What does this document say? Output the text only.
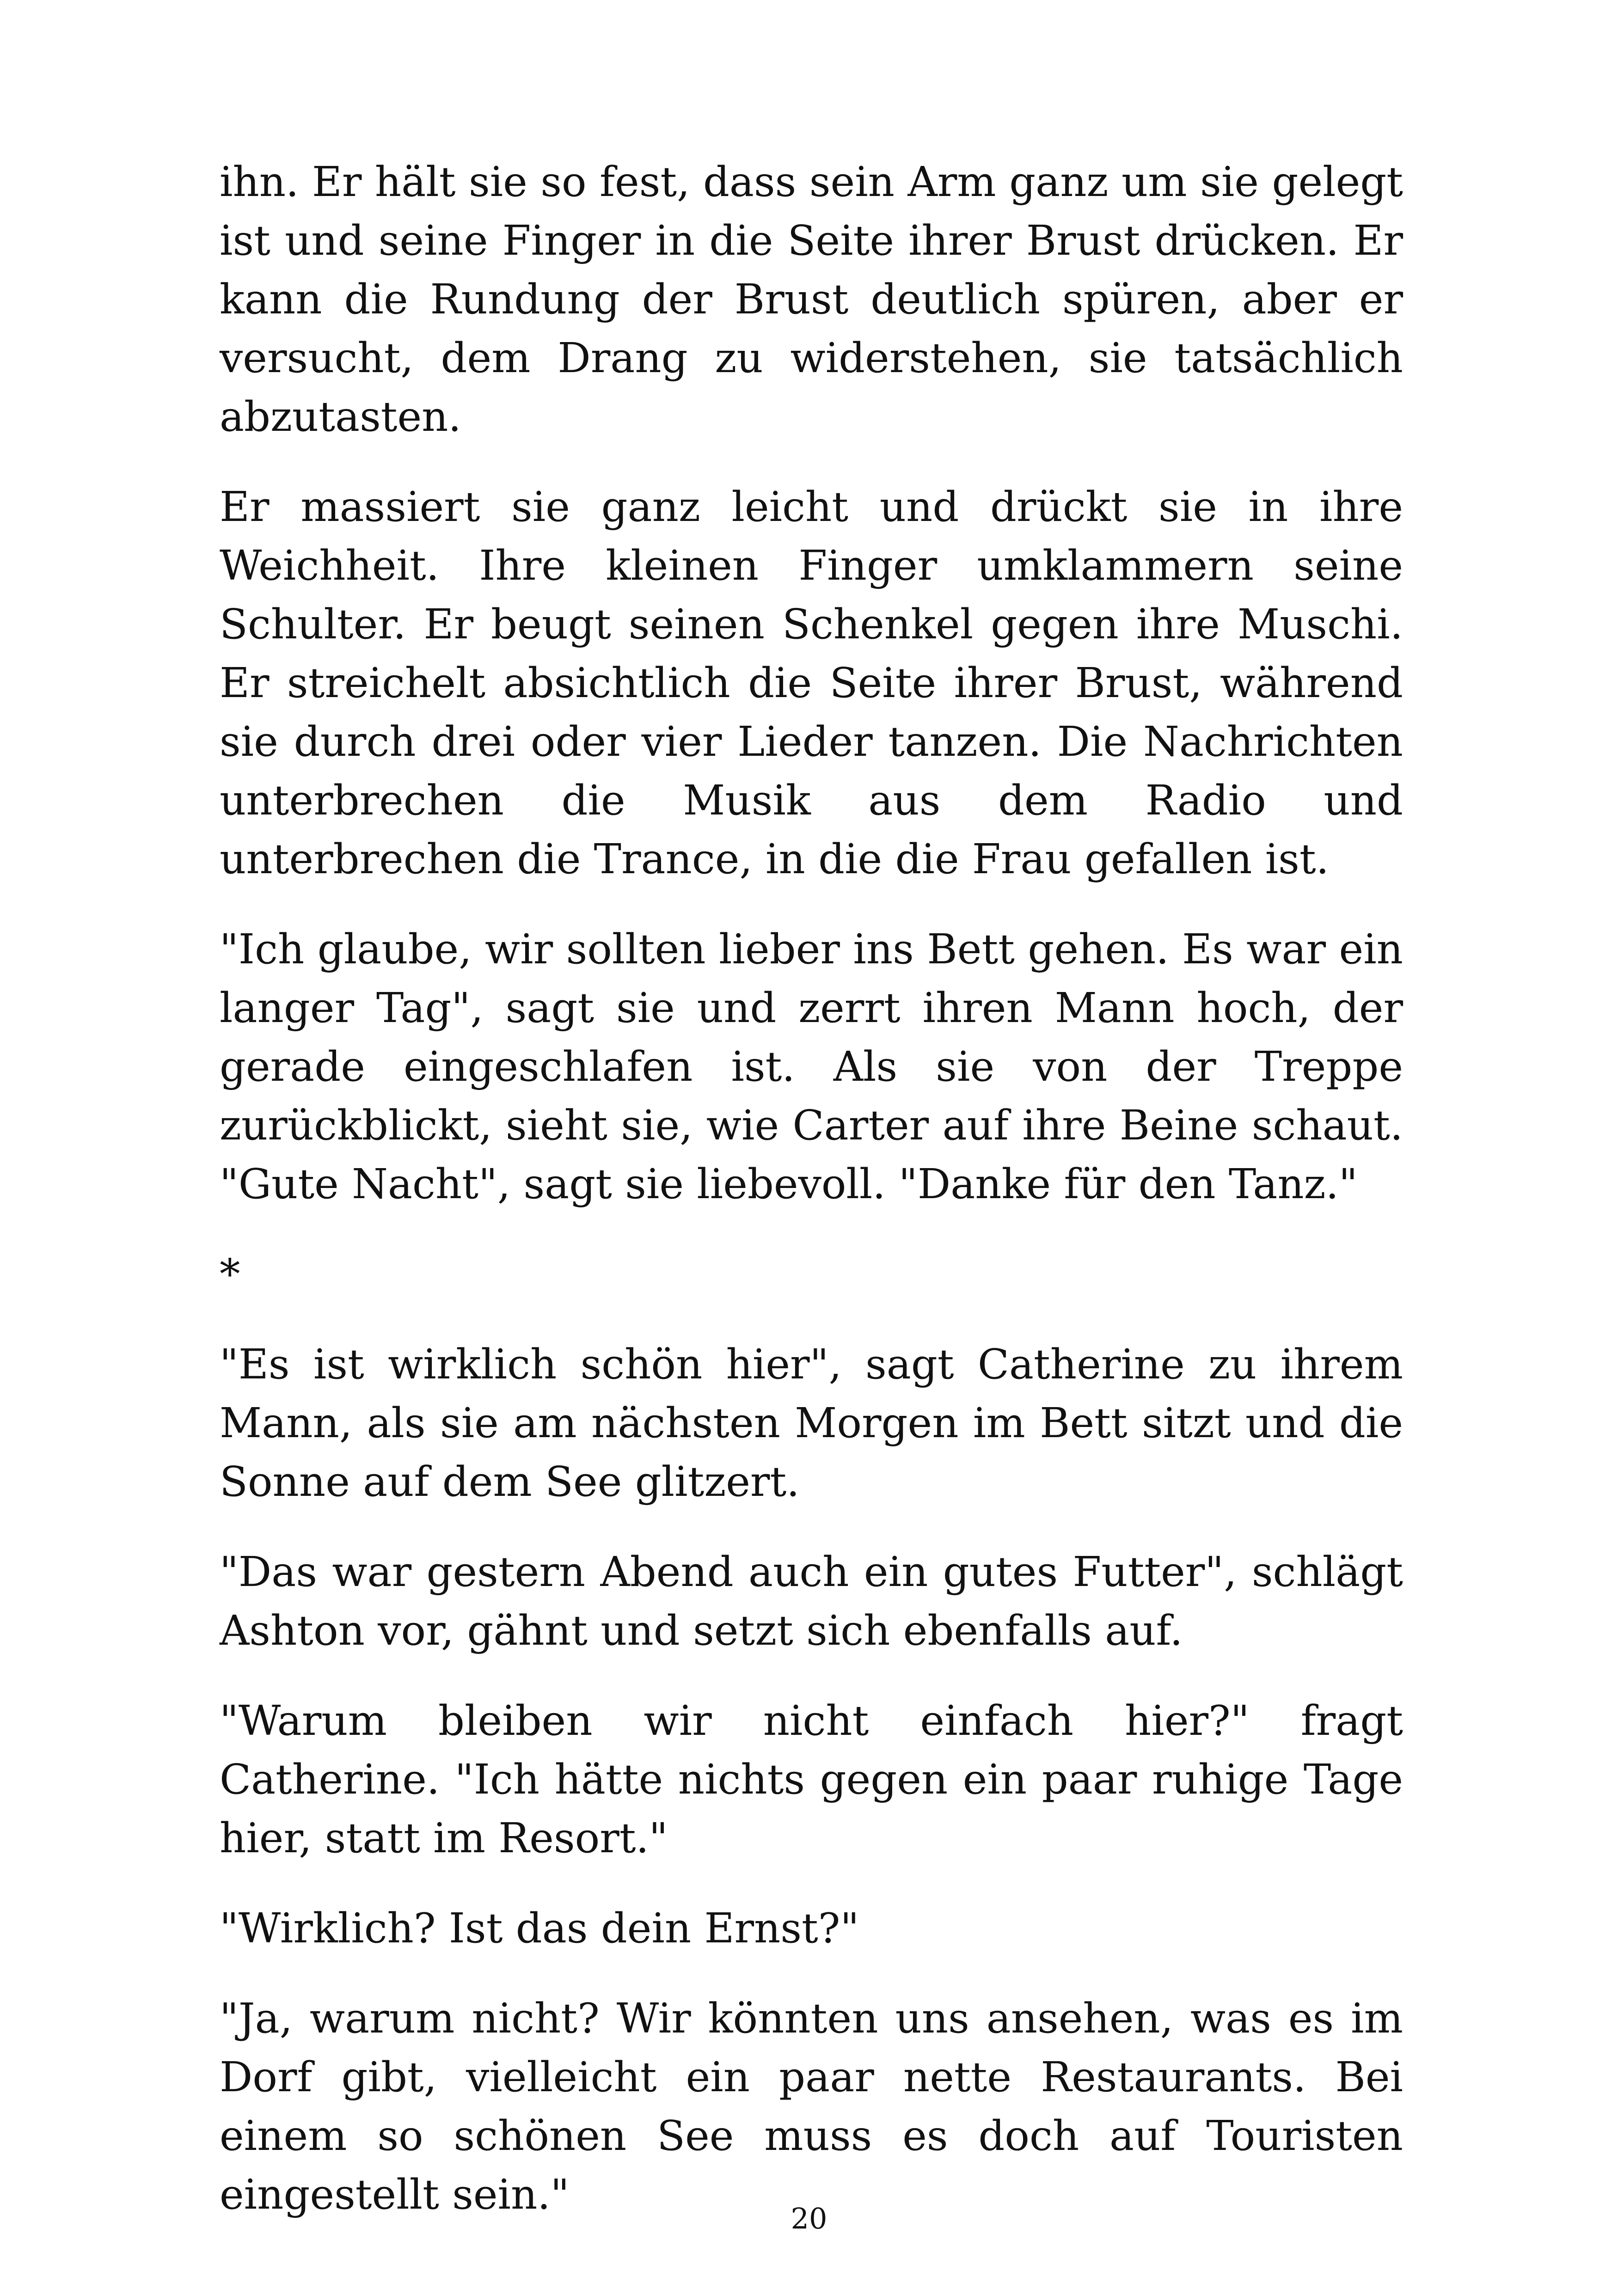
ihn. Er hält sie so fest, dass sein Arm ganz um sie gelegt ist und seine Finger in die Seite ihrer Brust drücken. Er kann die Rundung der Brust deutlich spüren, aber er versucht, dem Drang zu widerstehen, sie tatsächlich abzutasten.

Er massiert sie ganz leicht und drückt sie in ihre Weichheit. Ihre kleinen Finger umklammern seine Schulter. Er beugt seinen Schenkel gegen ihre Muschi. Er streichelt absichtlich die Seite ihrer Brust, während sie durch drei oder vier Lieder tanzen. Die Nachrichten unterbrechen die Musik aus dem Radio und unterbrechen die Trance, in die die Frau gefallen ist.

"Ich glaube, wir sollten lieber ins Bett gehen. Es war ein langer Tag", sagt sie und zerrt ihren Mann hoch, der gerade eingeschlafen ist. Als sie von der Treppe zurückblickt, sieht sie, wie Carter auf ihre Beine schaut. "Gute Nacht", sagt sie liebevoll. "Danke für den Tanz."

*

"Es ist wirklich schön hier", sagt Catherine zu ihrem Mann, als sie am nächsten Morgen im Bett sitzt und die Sonne auf dem See glitzert.

"Das war gestern Abend auch ein gutes Futter", schlägt Ashton vor, gähnt und setzt sich ebenfalls auf.

"Warum bleiben wir nicht einfach hier?" fragt Catherine. "Ich hätte nichts gegen ein paar ruhige Tage hier, statt im Resort."

"Wirklich? Ist das dein Ernst?"

"Ja, warum nicht? Wir könnten uns ansehen, was es im Dorf gibt, vielleicht ein paar nette Restaurants. Bei einem so schönen See muss es doch auf Touristen eingestellt sein."

20
